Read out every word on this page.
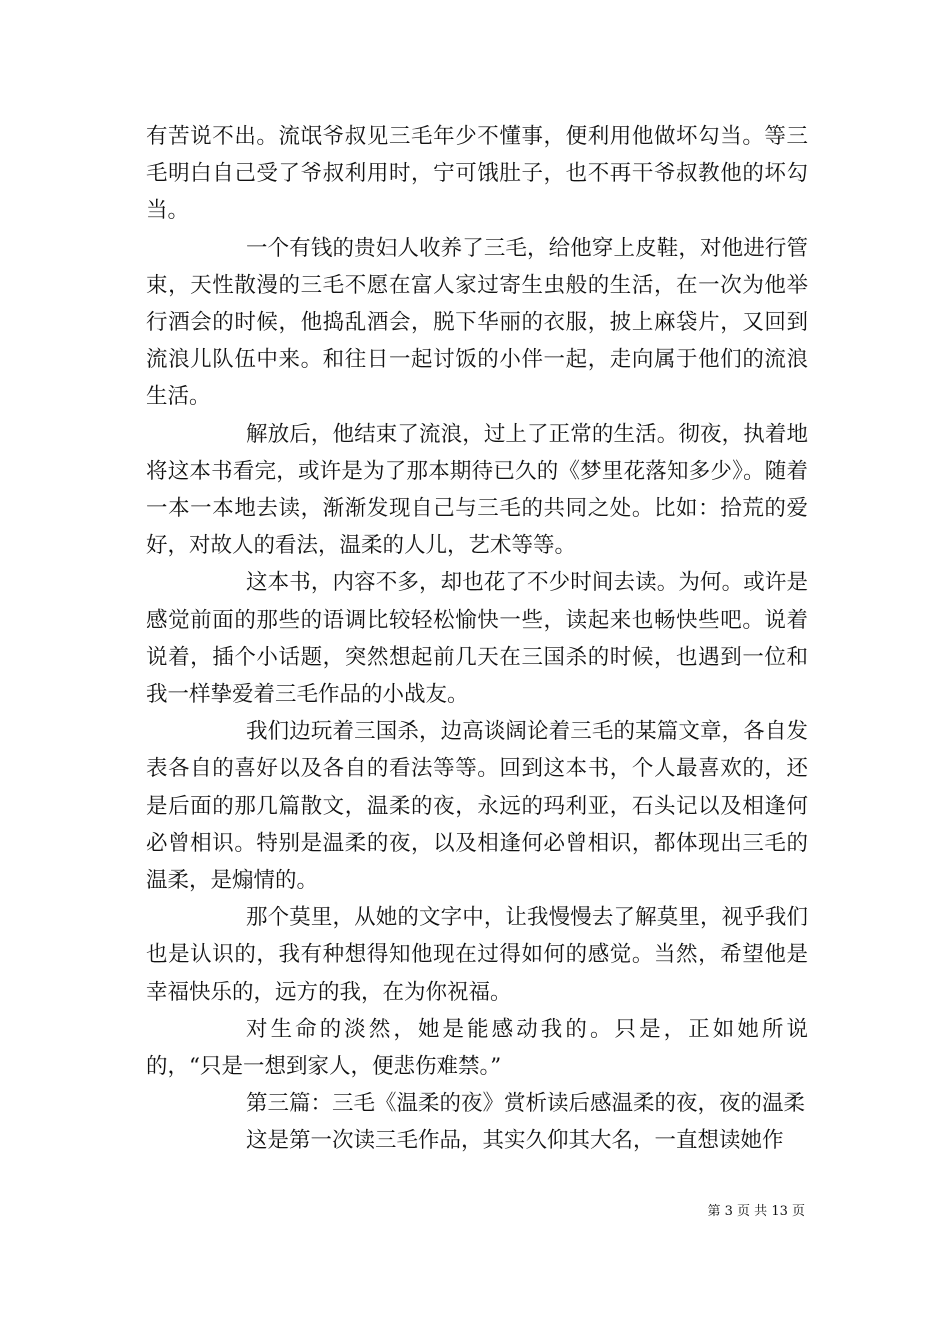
有苦说不出。流氓爷叔见三毛年少不懂事，便利用他做坏勾当。等三毛明白自己受了爷叔利用时，宁可饿肚子，也不再干爷叔教他的坏勾当。

一个有钱的贵妇人收养了三毛，给他穿上皮鞋，对他进行管束，天性散漫的三毛不愿在富人家过寄生虫般的生活，在一次为他举行酒会的时候，他捣乱酒会，脱下华丽的衣服，披上麻袋片，又回到流浪儿队伍中来。和往日一起讨饭的小伴一起，走向属于他们的流浪生活。

解放后，他结束了流浪，过上了正常的生活。彻夜，执着地将这本书看完，或许是为了那本期待已久的《梦里花落知多少》。随着一本一本地去读，渐渐发现自己与三毛的共同之处。比如：拾荒的爱好，对故人的看法，温柔的人儿，艺术等等。

这本书，内容不多，却也花了不少时间去读。为何。或许是感觉前面的那些的语调比较轻松愉快一些，读起来也畅快些吧。说着说着，插个小话题，突然想起前几天在三国杀的时候，也遇到一位和我一样挚爱着三毛作品的小战友。

我们边玩着三国杀，边高谈阔论着三毛的某篇文章，各自发表各自的喜好以及各自的看法等等。回到这本书，个人最喜欢的，还是后面的那几篇散文，温柔的夜，永远的玛利亚，石头记以及相逢何必曾相识。特别是温柔的夜，以及相逢何必曾相识，都体现出三毛的温柔，是煽情的。

那个莫里，从她的文字中，让我慢慢去了解莫里，视乎我们也是认识的，我有种想得知他现在过得如何的感觉。当然，希望他是幸福快乐的，远方的我，在为你祝福。

对生命的淡然，她是能感动我的。只是，正如她所说的，“只是一想到家人，便悲伤难禁。”

第三篇：三毛《温柔的夜》赏析读后感温柔的夜，夜的温柔

这是第一次读三毛作品，其实久仰其大名，一直想读她作

第 3 页 共 13 页
